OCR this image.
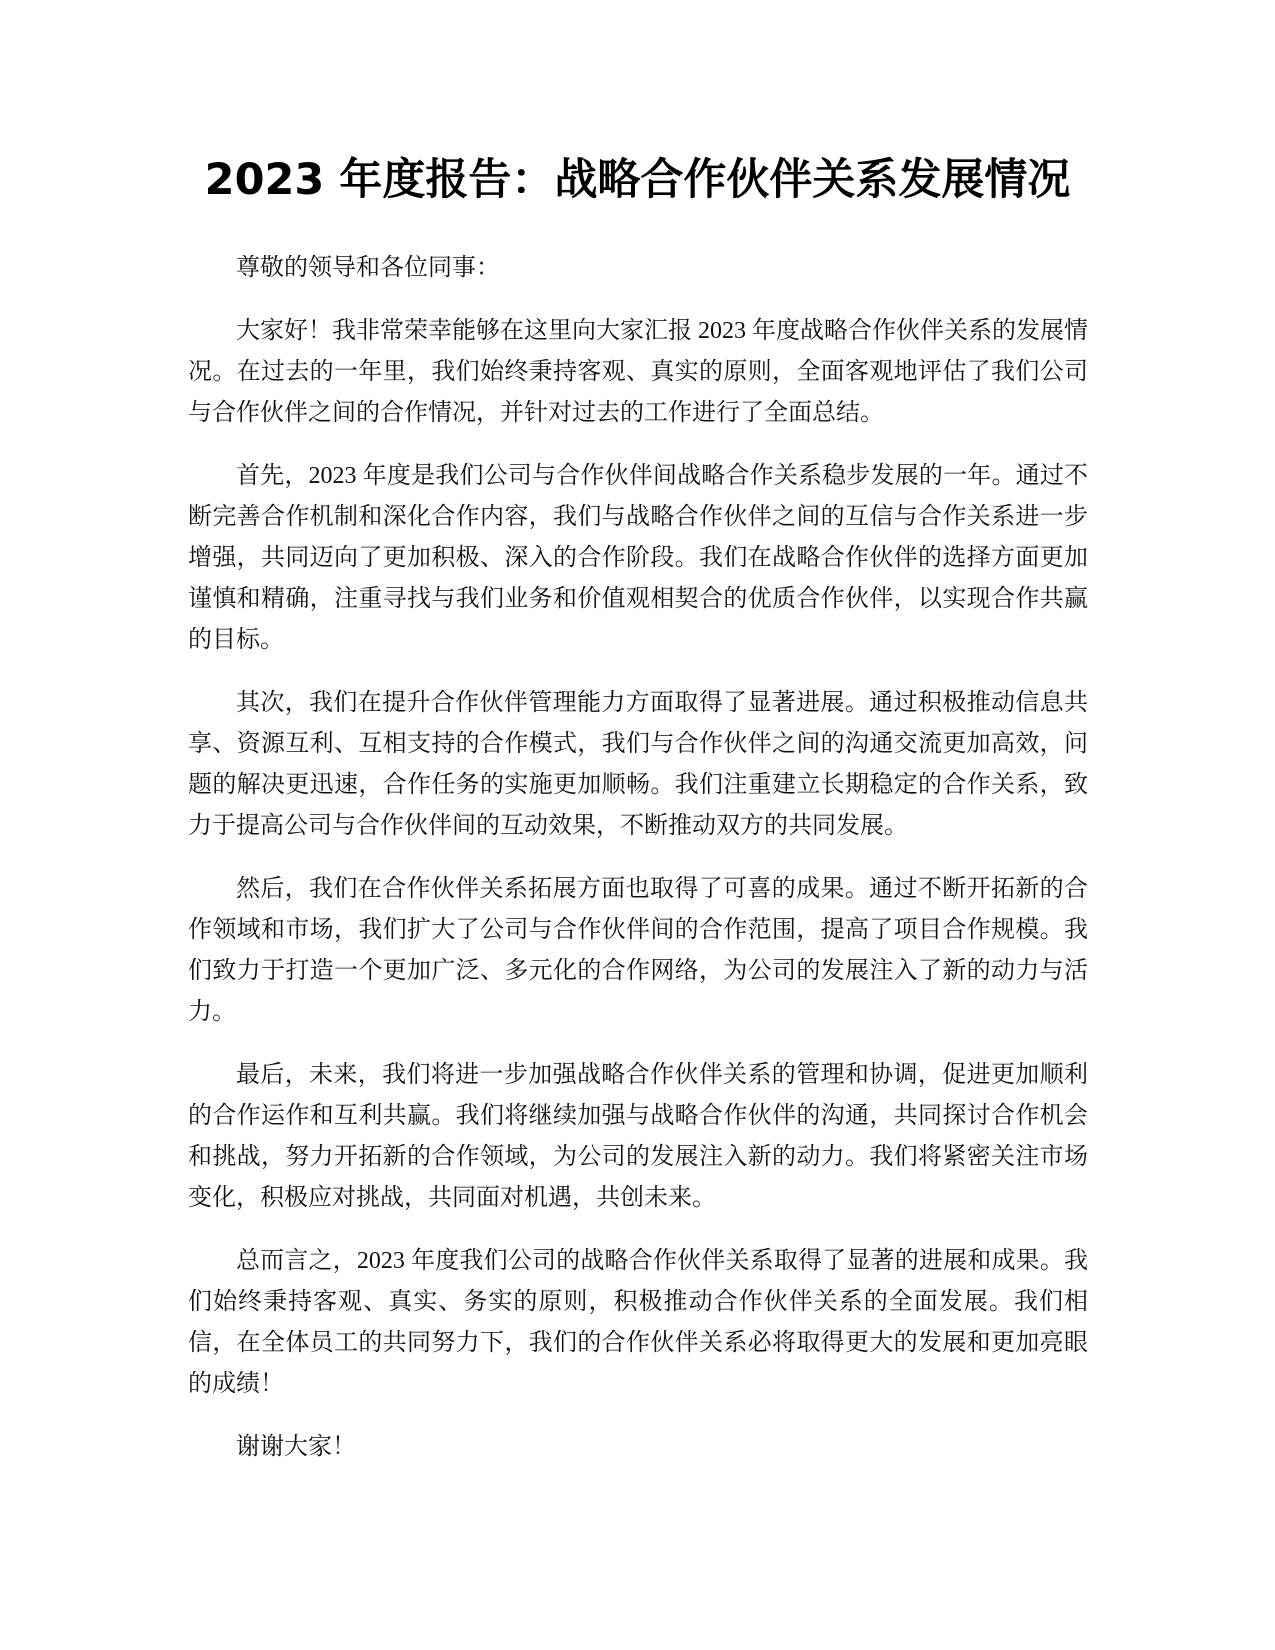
2023 年度报告：战略合作伙伴关系发展情况

尊敬的领导和各位同事：

大家好！我非常荣幸能够在这里向大家汇报 2023 年度战略合作伙伴关系的发展情况。在过去的一年里，我们始终秉持客观、真实的原则，全面客观地评估了我们公司与合作伙伴之间的合作情况，并针对过去的工作进行了全面总结。

首先，2023 年度是我们公司与合作伙伴间战略合作关系稳步发展的一年。通过不断完善合作机制和深化合作内容，我们与战略合作伙伴之间的互信与合作关系进一步增强，共同迈向了更加积极、深入的合作阶段。我们在战略合作伙伴的选择方面更加谨慎和精确，注重寻找与我们业务和价值观相契合的优质合作伙伴，以实现合作共赢的目标。

其次，我们在提升合作伙伴管理能力方面取得了显著进展。通过积极推动信息共享、资源互利、互相支持的合作模式，我们与合作伙伴之间的沟通交流更加高效，问题的解决更迅速，合作任务的实施更加顺畅。我们注重建立长期稳定的合作关系，致力于提高公司与合作伙伴间的互动效果，不断推动双方的共同发展。

然后，我们在合作伙伴关系拓展方面也取得了可喜的成果。通过不断开拓新的合作领域和市场，我们扩大了公司与合作伙伴间的合作范围，提高了项目合作规模。我们致力于打造一个更加广泛、多元化的合作网络，为公司的发展注入了新的动力与活力。

最后，未来，我们将进一步加强战略合作伙伴关系的管理和协调，促进更加顺利的合作运作和互利共赢。我们将继续加强与战略合作伙伴的沟通，共同探讨合作机会和挑战，努力开拓新的合作领域，为公司的发展注入新的动力。我们将紧密关注市场变化，积极应对挑战，共同面对机遇，共创未来。

总而言之，2023 年度我们公司的战略合作伙伴关系取得了显著的进展和成果。我们始终秉持客观、真实、务实的原则，积极推动合作伙伴关系的全面发展。我们相信，在全体员工的共同努力下，我们的合作伙伴关系必将取得更大的发展和更加亮眼的成绩！

谢谢大家！
